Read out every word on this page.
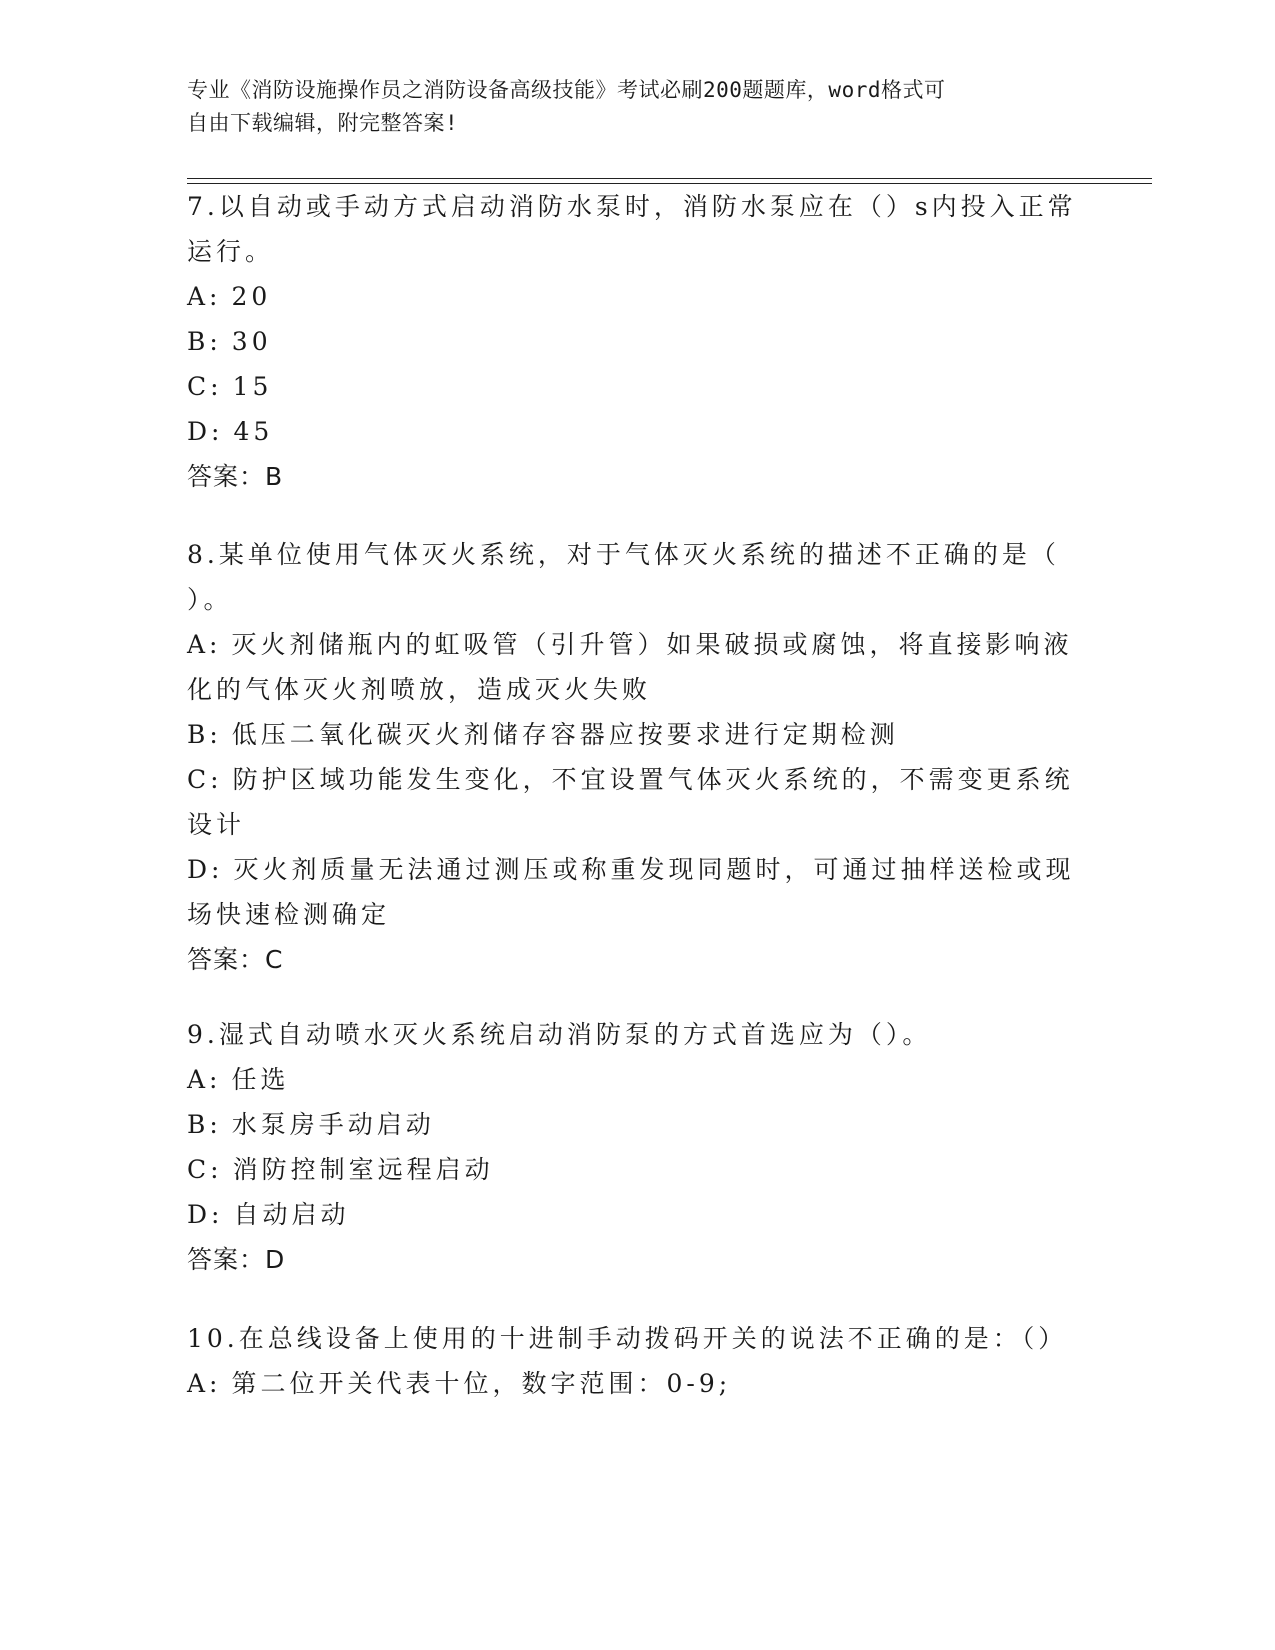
专业《消防设施操作员之消防设备高级技能》考试必刷200题题库，word格式可
自由下载编辑，附完整答案!
7.以自动或手动方式启动消防水泵时，消防水泵应在（）s内投入正常
运行。
A: 20
B: 30
C: 15
D: 45
答案：B
8.某单位使用气体灭火系统，对于气体灭火系统的描述不正确的是（
）。
A: 灭火剂储瓶内的虹吸管（引升管）如果破损或腐蚀，将直接影响液
化的气体灭火剂喷放，造成灭火失败
B: 低压二氧化碳灭火剂储存容器应按要求进行定期检测
C: 防护区域功能发生变化，不宜设置气体灭火系统的，不需变更系统
设计
D: 灭火剂质量无法通过测压或称重发现同题时，可通过抽样送检或现
场快速检测确定
答案：C
9.湿式自动喷水灭火系统启动消防泵的方式首选应为（）。
A: 任选
B: 水泵房手动启动
C: 消防控制室远程启动
D: 自动启动
答案：D
10.在总线设备上使用的十进制手动拨码开关的说法不正确的是：（）
A: 第二位开关代表十位，数字范围：0-9;
